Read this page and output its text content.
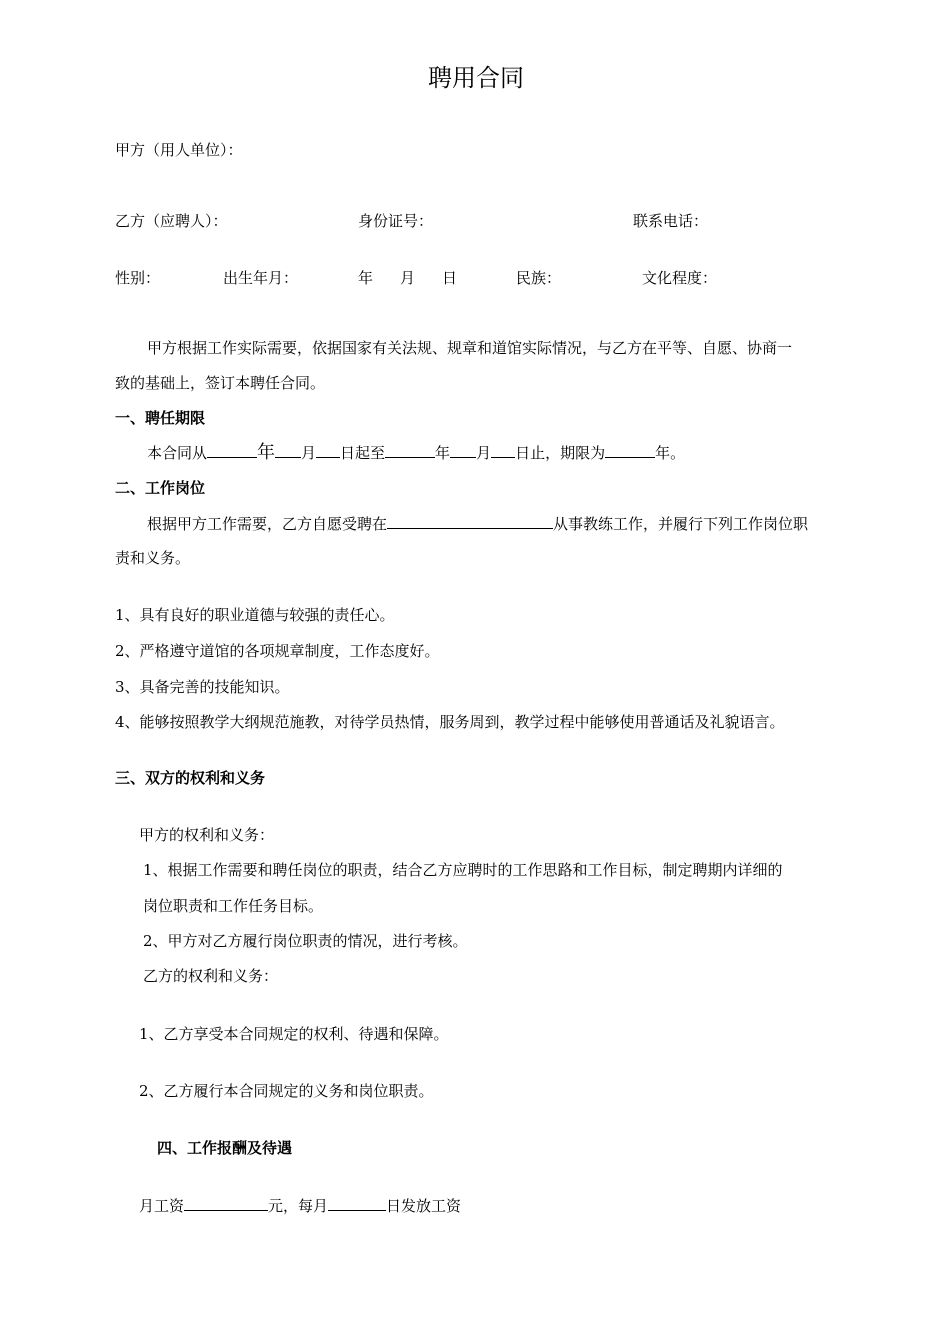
聘用合同
甲方（用人单位）：
乙方（应聘人）：	身份证号：	联系电话：
性别：	出生年月：	年 月 日	民族：	文化程度：
甲方根据工作实际需要，依据国家有关法规、规章和道馆实际情况，与乙方在平等、自愿、协商一
致的基础上，签订本聘任合同。
一、聘任期限
本合同从	年 月 日起至	年 月 日止，期限为	年。
二、工作岗位
根据甲方工作需要，乙方自愿受聘在	从事教练工作，并履行下列工作岗位职
责和义务。
1、具有良好的职业道德与较强的责任心。
2、严格遵守道馆的各项规章制度，工作态度好。
3、具备完善的技能知识。
4、能够按照教学大纲规范施教，对待学员热情，服务周到，教学过程中能够使用普通话及礼貌语言。
三、双方的权利和义务
甲方的权利和义务：
1、根据工作需要和聘任岗位的职责，结合乙方应聘时的工作思路和工作目标，制定聘期内详细的
岗位职责和工作任务目标。
2、甲方对乙方履行岗位职责的情况，进行考核。
乙方的权利和义务：
1、乙方享受本合同规定的权利、待遇和保障。
2、乙方履行本合同规定的义务和岗位职责。
四、工作报酬及待遇
月工资	元，每月	日发放工资
